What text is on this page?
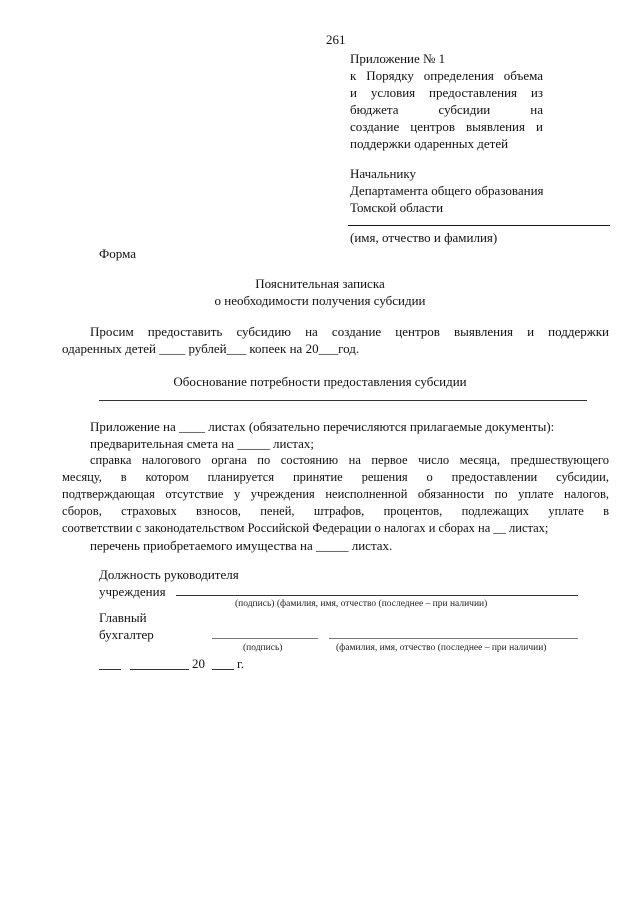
261
Приложение № 1
к Порядку определения объема
и условия предоставления из
бюджета субсидии на
создание центров выявления и
поддержки одаренных детей
Начальнику
Департамента общего образования
Томской области
(имя, отчество и фамилия)
Форма
Пояснительная записка
о необходимости получения субсидии
Просим предоставить субсидию на создание центров выявления и поддержки
одаренных детей ____ рублей___ копеек на 20___год.
Обоснование потребности предоставления субсидии
Приложение на ____ листах (обязательно перечисляются прилагаемые документы):
предварительная смета на _____ листах;
справка налогового органа по состоянию на первое число месяца, предшествующего
месяцу, в котором планируется принятие решения о предоставлении субсидии,
подтверждающая отсутствие у учреждения неисполненной обязанности по уплате налогов,
сборов, страховых взносов, пеней, штрафов, процентов, подлежащих уплате в
соответствии с законодательством Российской Федерации о налогах и сборах на __ листах;
перечень приобретаемого имущества на _____ листах.
Должность руководителя
учреждения
(подпись) (фамилия, имя, отчество (последнее – при наличии)
Главный
бухгалтер
(подпись)	(фамилия, имя, отчество (последнее – при наличии)
20 г.
